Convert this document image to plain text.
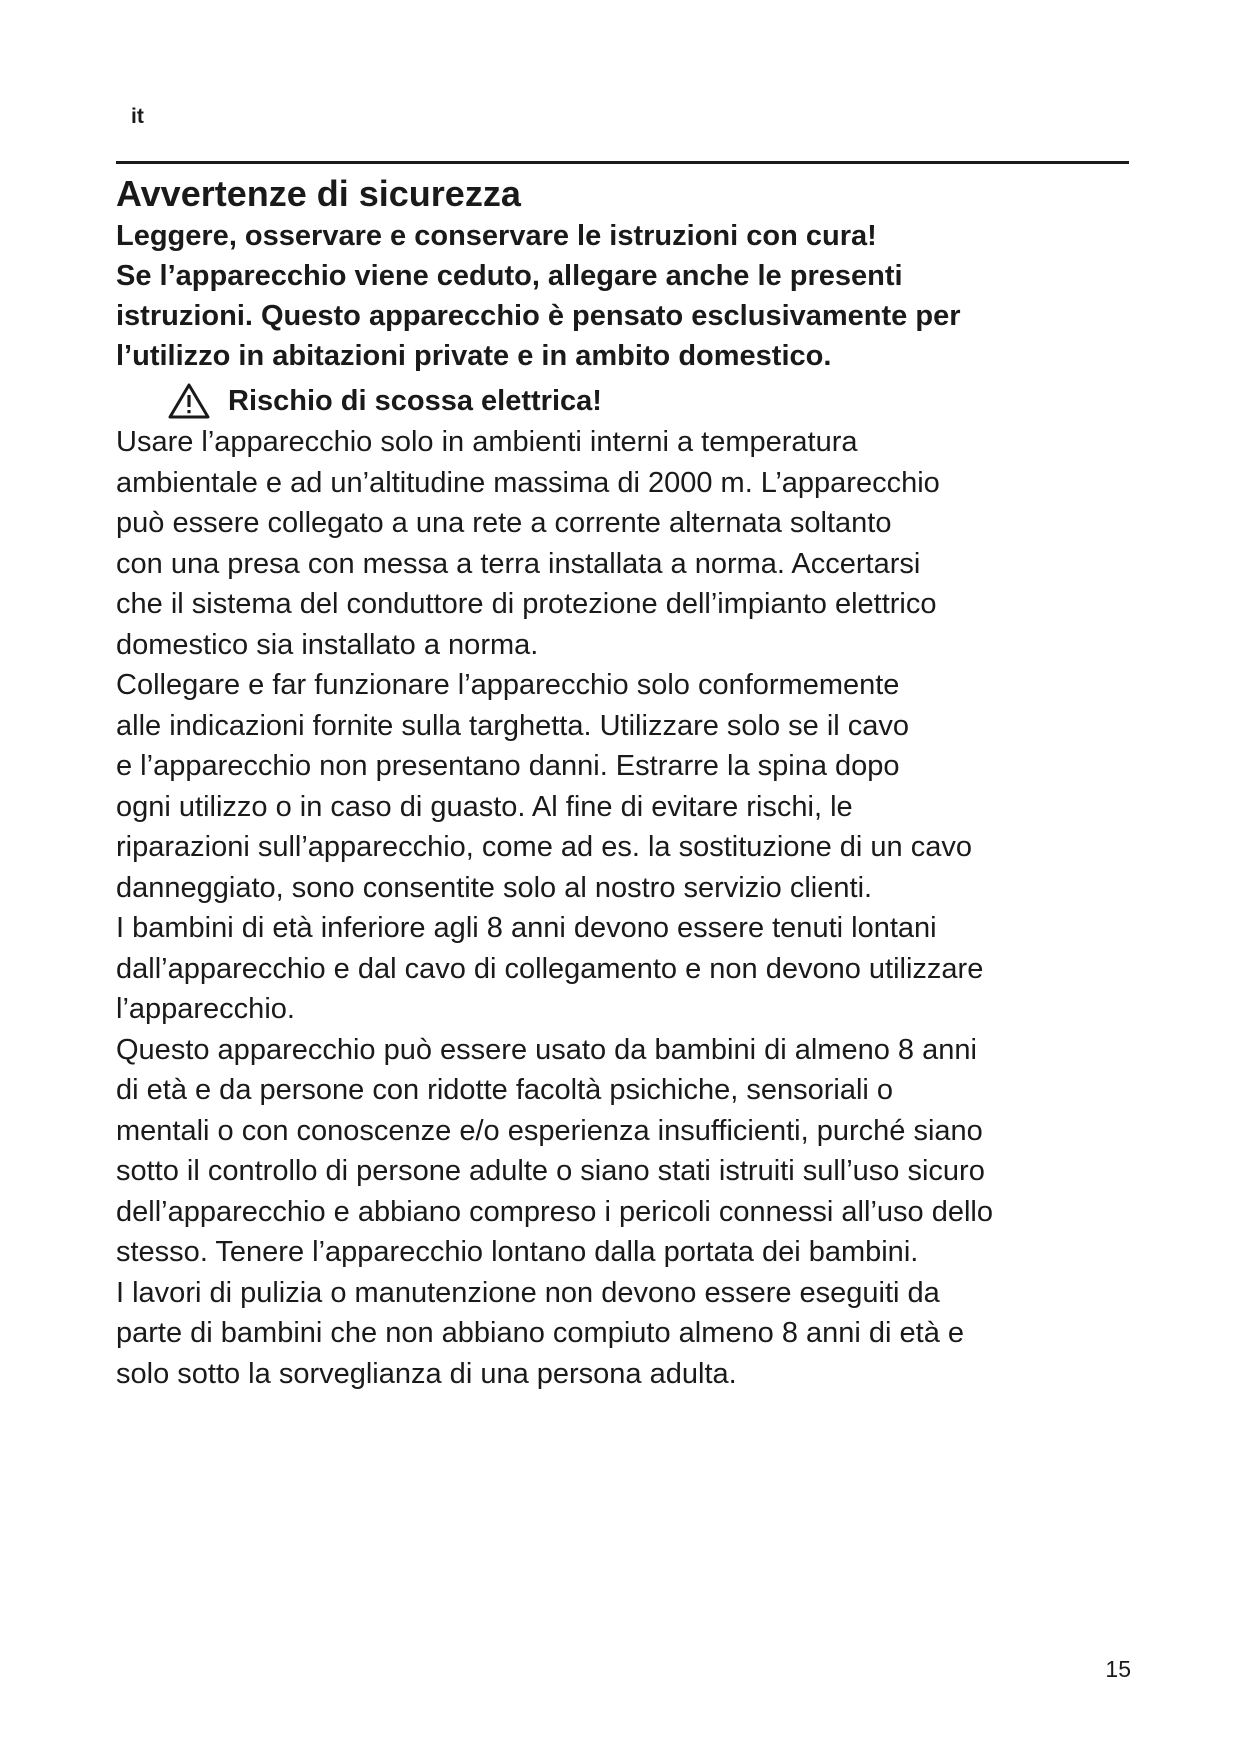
it
Avvertenze di sicurezza

Leggere, osservare e conservare le istruzioni con cura!
Se l’apparecchio viene ceduto, allegare anche le presenti
istruzioni. Questo apparecchio è pensato esclusivamente per
l’utilizzo in abitazioni private e in ambito domestico.

Rischio di scossa elettrica!

Usare l’apparecchio solo in ambienti interni a temperatura
ambientale e ad un’altitudine massima di 2000 m. L’apparecchio
può essere collegato a una rete a corrente alternata soltanto
con una presa con messa a terra installata a norma. Accertarsi
che il sistema del conduttore di protezione dell’impianto elettrico
domestico sia installato a norma.

Collegare e far funzionare l’apparecchio solo conformemente
alle indicazioni fornite sulla targhetta. Utilizzare solo se il cavo
e l’apparecchio non presentano danni. Estrarre la spina dopo
ogni utilizzo o in caso di guasto. Al fine di evitare rischi, le
riparazioni sull’apparecchio, come ad es. la sostituzione di un cavo
danneggiato, sono consentite solo al nostro servizio clienti.

I bambini di età inferiore agli 8 anni devono essere tenuti lontani
dall’apparecchio e dal cavo di collegamento e non devono utilizzare
l’apparecchio.

Questo apparecchio può essere usato da bambini di almeno 8 anni
di età e da persone con ridotte facoltà psichiche, sensoriali o
mentali o con conoscenze e/o esperienza insufficienti, purché siano
sotto il controllo di persone adulte o siano stati istruiti sull’uso sicuro
dell’apparecchio e abbiano compreso i pericoli connessi all’uso dello
stesso. Tenere l’apparecchio lontano dalla portata dei bambini.

I lavori di pulizia o manutenzione non devono essere eseguiti da
parte di bambini che non abbiano compiuto almeno 8 anni di età e
solo sotto la sorveglianza di una persona adulta.

15
